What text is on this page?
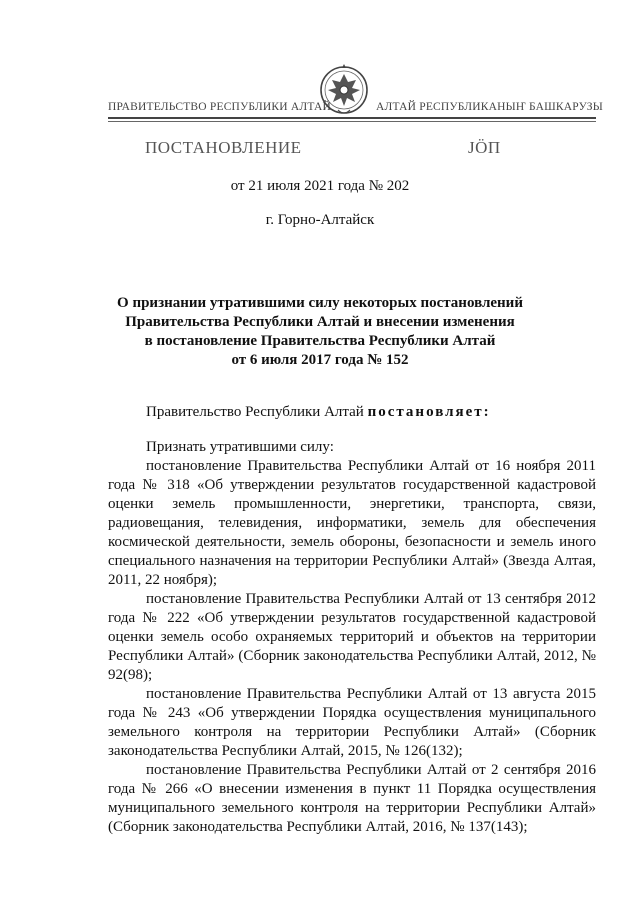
ПРАВИТЕЛЬСТВО РЕСПУБЛИКИ АЛТАЙ	АЛТАЙ РЕСПУБЛИКАНЫҤ БАШКАРУЗЫ
ПОСТАНОВЛЕНИЕ	ЈӦП
от 21 июля 2021 года № 202
г. Горно-Алтайск
О признании утратившими силу некоторых постановлений
Правительства Республики Алтай и внесении изменения
в постановление Правительства Республики Алтай
от 6 июля 2017 года № 152
Правительство Республики Алтай постановляет:

Признать утратившими силу:

постановление Правительства Республики Алтай от 16 ноября 2011 года № 318 «Об утверждении результатов государственной кадастровой оценки земель промышленности, энергетики, транспорта, связи, радиовещания, телевидения, информатики, земель для обеспечения космической деятельности, земель обороны, безопасности и земель иного специального назначения на территории Республики Алтай» (Звезда Алтая, 2011, 22 ноября);

постановление Правительства Республики Алтай от 13 сентября 2012 года № 222 «Об утверждении результатов государственной кадастровой оценки земель особо охраняемых территорий и объектов на территории Республики Алтай» (Сборник законодательства Республики Алтай, 2012, № 92(98);

постановление Правительства Республики Алтай от 13 августа 2015 года № 243 «Об утверждении Порядка осуществления муниципального земельного контроля на территории Республики Алтай» (Сборник законодательства Республики Алтай, 2015, № 126(132);

постановление Правительства Республики Алтай от 2 сентября 2016 года № 266 «О внесении изменения в пункт 11 Порядка осуществления муниципального земельного контроля на территории Республики Алтай» (Сборник законодательства Республики Алтай, 2016, № 137(143);
